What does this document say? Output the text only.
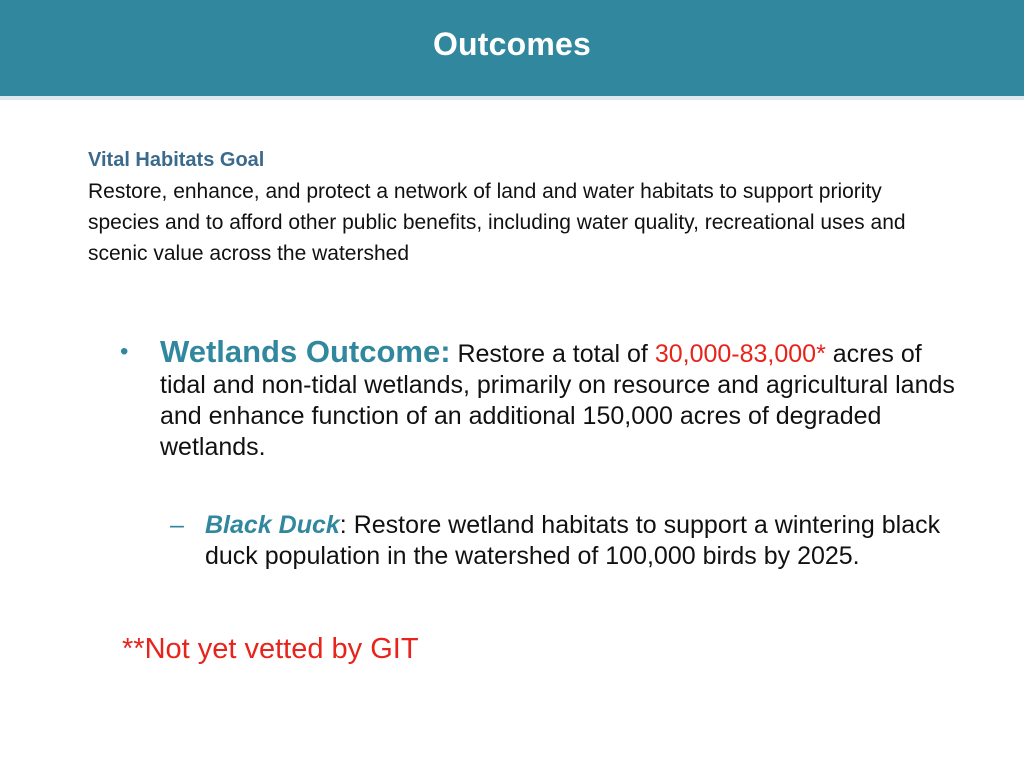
Outcomes
Vital Habitats Goal
Restore, enhance, and protect a network of land and water habitats to support priority species and to afford other public benefits, including water quality, recreational uses and scenic value across the watershed
• Wetlands Outcome: Restore a total of 30,000-83,000* acres of tidal and non-tidal wetlands, primarily on resource and agricultural lands and enhance function of an additional 150,000 acres of degraded wetlands.
– Black Duck: Restore wetland habitats to support a wintering black duck population in the watershed of 100,000 birds by 2025.
**Not yet vetted by GIT
